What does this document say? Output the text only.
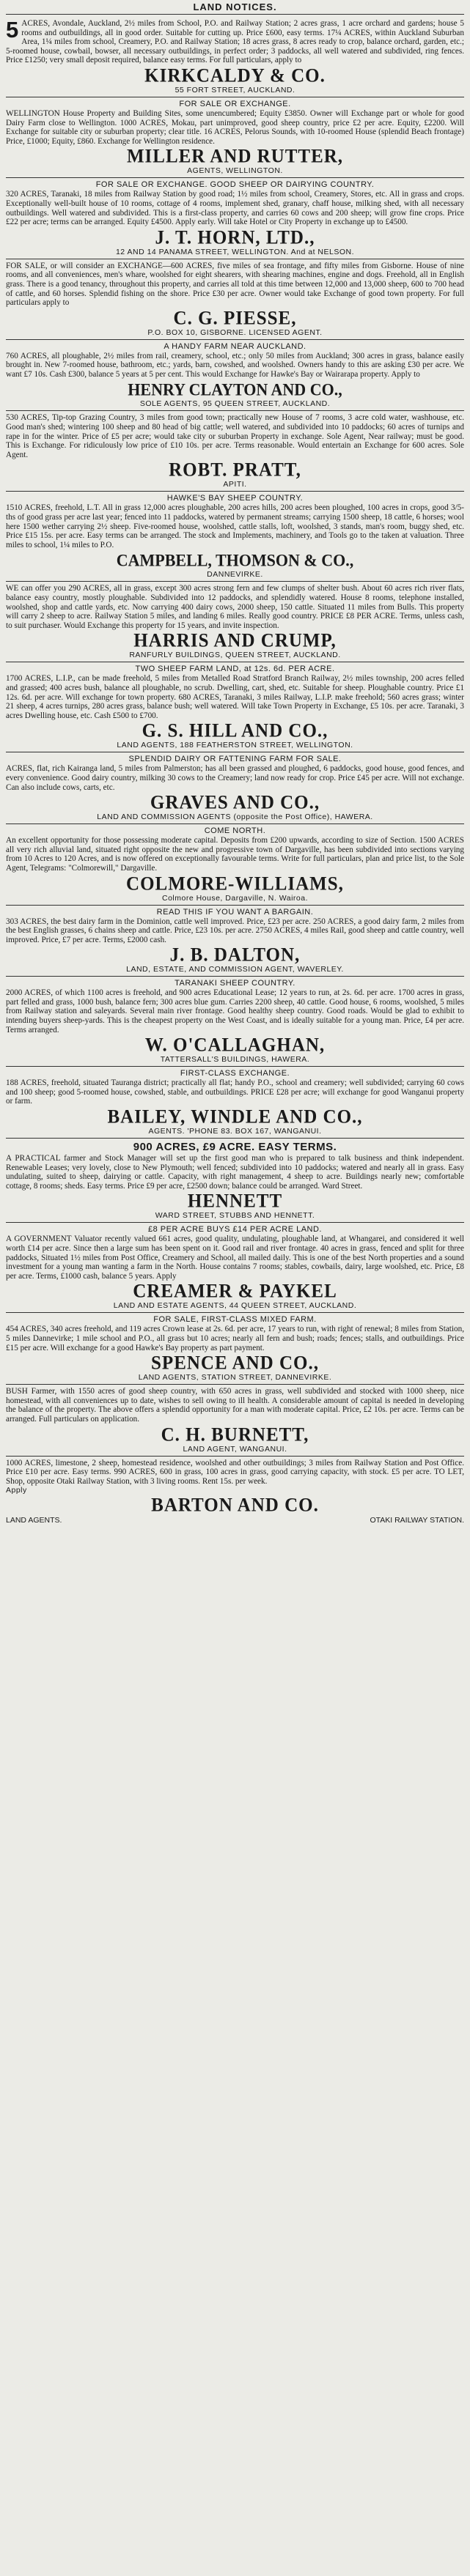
LAND NOTICES.

5 ACRES, Avondale, Auckland, 2½ miles from School, P.O. and Railway Station; 2 acres grass, 1 acre orchard and gardens; house 5 rooms and outbuildings, all in good order. Suitable for cutting up. Price £600, easy terms. 17¼ ACRES, within Auckland Suburban Area, 1¼ miles from school, Creamery, P.O. and Railway Station; 18 acres grass, 8 acres ready to crop, balance orchard, garden, etc.; 5-roomed house, cowbail, bowser, all necessary outbuildings, in perfect order; 3 paddocks, all well watered and subdivided, ring fences. Price £1250; very small deposit required, balance easy terms. For full particulars, apply to

KIRKCALDY & CO.
55 FORT STREET, AUCKLAND.
FOR SALE OR EXCHANGE.

WELLINGTON House Property and Building Sites, some unencumbered; Equity £3850. Owner will Exchange part or whole for good Dairy Farm close to Wellington. 1000 ACRES, Mokau, part unimproved, good sheep country, price £2 per acre. Equity, £2200. Will Exchange for suitable city or suburban property; clear title. 16 ACRES, Pelorus Sounds, with 10-roomed House (splendid Beach frontage) Price, £1000; Equity, £860. Exchange for Wellington residence.

MILLER AND RUTTER,
AGENTS, WELLINGTON.
FOR SALE OR EXCHANGE. GOOD SHEEP OR DAIRYING COUNTRY.

320 ACRES, Taranaki, 18 miles from Railway Station by good road; 1½ miles from school, Creamery, Stores, etc. All in grass and crops. Exceptionally well-built house of 10 rooms, cottage of 4 rooms, implement shed, granary, chaff house, milking shed, with all necessary outbuildings. Well watered and subdivided. This is a first-class property, and carries 60 cows and 200 sheep; will grow fine crops. Price £22 per acre; terms can be arranged. Equity £4500. Apply early. Will take Hotel or City Property in exchange up to £4500.

J. T. HORN, LTD.,
12 AND 14 PANAMA STREET, WELLINGTON. And at NELSON.

FOR SALE, or will consider an EXCHANGE—600 ACRES, five miles of sea frontage, and fifty miles from Gisborne. House of nine rooms, and all conveniences, men's whare, woolshed for eight shearers, with shearing machines, engine and dogs. Freehold, all in English grass. There is a good tenancy, throughout this property, and carries all told at this time between 12,000 and 13,000 sheep, 600 to 700 head of cattle, and 60 horses. Splendid fishing on the shore. Price £30 per acre. Owner would take Exchange of good town property. For full particulars apply to

C. G. PIESSE,
P.O. BOX 10, GISBORNE. LICENSED AGENT.
A HANDY FARM NEAR AUCKLAND.

760 ACRES, all ploughable, 2½ miles from rail, creamery, school, etc.; only 50 miles from Auckland; 300 acres in grass, balance easily brought in. New 7-roomed house, bathroom, etc.; yards, barn, cowshed, and woolshed. Owners handy to this are asking £30 per acre. We want £7 10s. Cash £300, balance 5 years at 5 per cent. This would Exchange for Hawke's Bay or Wairarapa property. Apply to

HENRY CLAYTON AND CO.,
SOLE AGENTS, 95 QUEEN STREET, AUCKLAND.

530 ACRES, Tip-top Grazing Country, 3 miles from good town; practically new House of 7 rooms, 3 acre cold water, washhouse, etc. Good man's shed; wintering 100 sheep and 80 head of big cattle; well watered, and subdivided into 10 paddocks; 60 acres of turnips and rape in for the winter. Price of £5 per acre; would take city or suburban Property in exchange. Sole Agent, Near railway; must be good. This is Exchange. For ridiculously low price of £10 10s. per acre. Terms reasonable. Would entertain an Exchange for 600 acres. Sole Agent.

ROBT. PRATT,
APITI.
HAWKE'S BAY SHEEP COUNTRY.

1510 ACRES, freehold, L.T. All in grass 12,000 acres ploughable, 200 acres hills, 200 acres been ploughed, 100 acres in crops, good 3/5-ths of good grass per acre last year; fenced into 11 paddocks, watered by permanent streams; carrying 1500 sheep, 18 cattle, 6 horses; wool here 1500 wether carrying 2½ sheep. Five-roomed house, woolshed, cattle stalls, loft, woolshed, 3 stands, man's room, buggy shed, etc. Price £15 15s. per acre. Easy terms can be arranged. The stock and Implements, machinery, and Tools go to the taken at valuation. Three miles to school, 1¼ miles to P.O.

CAMPBELL, THOMSON & CO.,
DANNEVIRKE.

WE can offer you 290 ACRES, all in grass, except 300 acres strong fern and few clumps of shelter bush. About 60 acres rich river flats, balance easy country, mostly ploughable. Subdivided into 12 paddocks, and splendidly watered. House 8 rooms, telephone installed, woolshed, shop and cattle yards, etc. Now carrying 400 dairy cows, 2000 sheep, 150 cattle. Situated 11 miles from Bulls. This property will carry 2 sheep to acre. Railway Station 5 miles, and landing 6 miles. Really good country. PRICE £8 PER ACRE. Terms, unless cash, to suit purchaser. Would Exchange this property for 15 years, and invite inspection.

HARRIS AND CRUMP,
RANFURLY BUILDINGS, QUEEN STREET, AUCKLAND.
TWO SHEEP FARM LAND, at 12s. 6d. PER ACRE.

1700 ACRES, L.I.P., can be made freehold, 5 miles from Metalled Road Stratford Branch Railway, 2½ miles township, 200 acres felled and grassed; 400 acres bush, balance all ploughable, no scrub. Dwelling, cart, shed, etc. Suitable for sheep. Ploughable country. Price £1 12s. 6d. per acre. Will exchange for town property. 680 ACRES, Taranaki, 3 miles Railway, L.I.P. make freehold; 560 acres grass; winter 21 sheep, 4 acres turnips, 280 acres grass, balance bush; well watered. Will take Town Property in Exchange, £5 10s. per acre. Taranaki, 3 acres Dwelling house, etc. Cash £500 to £700.

G. S. HILL AND CO.,
LAND AGENTS, 188 FEATHERSTON STREET, WELLINGTON.
SPLENDID DAIRY OR FATTENING FARM FOR SALE.

ACRES, flat, rich Kairanga land, 5 miles from Palmerston; has all been grassed and ploughed, 6 paddocks, good house, good fences, and every convenience. Good dairy country, milking 30 cows to the Creamery; land now ready for crop. Price £45 per acre. Will not exchange. Can also include cows, carts, etc.

GRAVES AND CO.,
LAND AND COMMISSION AGENTS (opposite the Post Office), HAWERA.
COME NORTH.

An excellent opportunity for those possessing moderate capital. Deposits from £200 upwards, according to size of Section. 1500 ACRES all very rich alluvial land, situated right opposite the new and progressive town of Dargaville, has been subdivided into sections varying from 10 Acres to 120 Acres, and is now offered on exceptionally favourable terms. Write for full particulars, plan and price list, to the Sole Agent, Telegrams: "Colmorewill," Dargaville.

COLMORE-WILLIAMS,
Colmore House, Dargaville, N. Wairoa.
READ THIS IF YOU WANT A BARGAIN.

303 ACRES, the best dairy farm in the Dominion, cattle well improved. Price, £23 per acre. 250 ACRES, a good dairy farm, 2 miles from the best English grasses, 6 chains sheep and cattle. Price, £23 10s. per acre. 2750 ACRES, 4 miles Rail, good sheep and cattle country, well improved. Price, £7 per acre. Terms, £2000 cash.

J. B. DALTON,
LAND, ESTATE, AND COMMISSION AGENT, WAVERLEY.
TARANAKI SHEEP COUNTRY.

2000 ACRES, of which 1100 acres is freehold, and 900 acres Educational Lease; 12 years to run, at 2s. 6d. per acre. 1700 acres in grass, part felled and grass, 1000 bush, balance fern; 300 acres blue gum. Carries 2200 sheep, 40 cattle. Good house, 6 rooms, woolshed, 5 miles from Railway station and saleyards. Several main river frontage. Good healthy sheep country. Good roads. Would be glad to exhibit to intending buyers sheep-yards. This is the cheapest property on the West Coast, and is ideally suitable for a young man. Price, £4 per acre. Terms arranged.

W. O'CALLAGHAN,
TATTERSALL'S BUILDINGS, HAWERA.
FIRST-CLASS EXCHANGE.

188 ACRES, freehold, situated Tauranga district; practically all flat; handy P.O., school and creamery; well subdivided; carrying 60 cows and 100 sheep; good 5-roomed house, cowshed, stable, and outbuildings. PRICE £28 per acre; will exchange for good Wanganui property or farm.

BAILEY, WINDLE AND CO.,
AGENTS. 'PHONE 83. BOX 167, WANGANUI.
900 ACRES, £9 ACRE. EASY TERMS.

A PRACTICAL farmer and Stock Manager will set up the first good man who is prepared to talk business and think independent. Renewable Leases; very lovely, close to New Plymouth; well fenced; subdivided into 10 paddocks; watered and nearly all in grass. Easy undulating, suited to sheep, dairying or cattle. Capacity, with right management, 4 sheep to acre. Buildings nearly new; comfortable cottage, 8 rooms; sheds. Easy terms. Price £9 per acre, £2500 down; balance could be arranged. Ward Street.

HENNETT
WARD STREET, STUBBS AND HENNETT.
£8 PER ACRE BUYS £14 PER ACRE LAND.

A GOVERNMENT Valuator recently valued 661 acres, good quality, undulating, ploughable land, at Whangarei, and considered it well worth £14 per acre. Since then a large sum has been spent on it. Good rail and river frontage. 40 acres in grass, fenced and split for three paddocks, Situated 1½ miles from Post Office, Creamery and School, all mailed daily. This is one of the best North properties and a sound investment for a young man wanting a farm in the North. House contains 7 rooms; stables, cowbails, dairy, large woolshed, etc. Price, £8 per acre. Terms, £1000 cash, balance 5 years. Apply

CREAMER & PAYKEL
LAND AND ESTATE AGENTS, 44 QUEEN STREET, AUCKLAND.
FOR SALE, FIRST-CLASS MIXED FARM.

454 ACRES, 340 acres freehold, and 119 acres Crown lease at 2s. 6d. per acre, 17 years to run, with right of renewal; 8 miles from Station, 5 miles Dannevirke; 1 mile school and P.O., all grass but 10 acres; nearly all fern and bush; roads; fences; stalls, and outbuildings. Price £15 per acre. Will exchange for a good Hawke's Bay property as part payment.

SPENCE AND CO.,
LAND AGENTS, STATION STREET, DANNEVIRKE.

BUSH Farmer, with 1550 acres of good sheep country, with 650 acres in grass, well subdivided and stocked with 1000 sheep, nice homestead, with all conveniences up to date, wishes to sell owing to ill health. A considerable amount of capital is needed in developing the balance of the property. The above offers a splendid opportunity for a man with moderate capital. Price, £2 10s. per acre. Terms can be arranged. Full particulars on application.

C. H. BURNETT,
LAND AGENT, WANGANUI.

1000 ACRES, limestone, 2 sheep, homestead residence, woolshed and other outbuildings; 3 miles from Railway Station and Post Office. Price £10 per acre. Easy terms. 990 ACRES, 600 in grass, 100 acres in grass, good carrying capacity, with stock. £5 per acre. TO LET, Shop, opposite Otaki Railway Station, with 3 living rooms. Rent 15s. per week.

Apply
BARTON AND CO.
LAND AGENTS.	OTAKI RAILWAY STATION.
